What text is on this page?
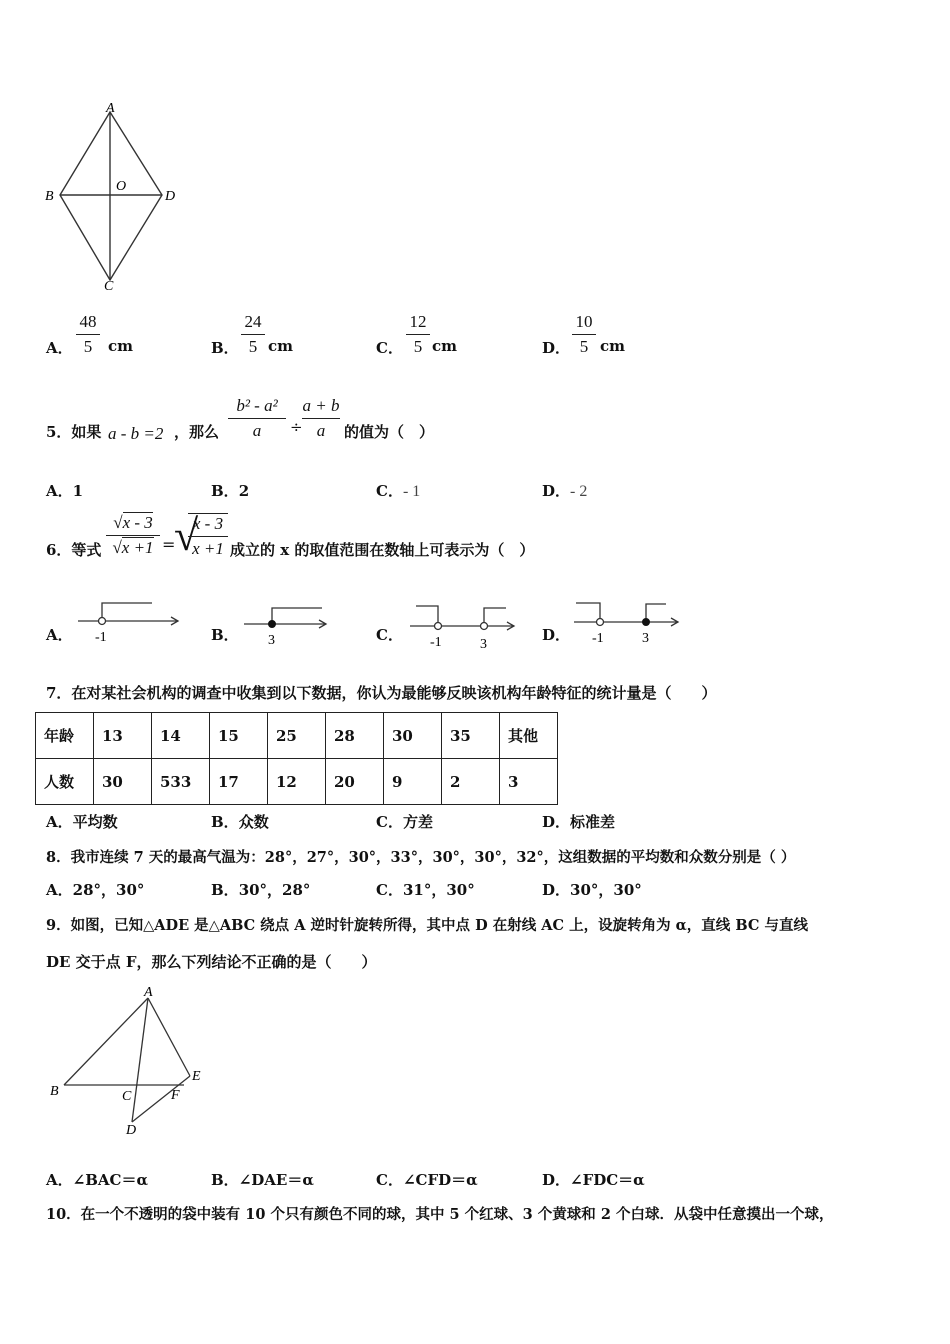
A
B
O
D
C
A．
48
5	cm	B．
24
5 cm	C．
12
5 cm	D．
10
5 cm
5．如果 a - b =2 ，那么
b² - a²
a	÷
a + b
a	的值为（　）
A．1	B．2	C．- 1	D．- 2
6．等式
√x - 3
√x +1 =
√
x - 3
x +1 成立的 x 的取值范围在数轴上可表示为（　）
A． -1	B． 3	C． -1	3
D． -1	3
7．在对某社会机构的调查中收集到以下数据，你认为最能够反映该机构年龄特征的统计量是（　　）
年龄	13	14	15	25	28	30	35	其他
人数	30	533	17	12	20	9	2	3
A．平均数	B．众数	C．方差	D．标准差
8．我市连续 7 天的最高气温为：28°，27°，30°，33°，30°，30°，32°，这组数据的平均数和众数分别是（ ）
A．28°，30°	B．30°，28°	C．31°，30°	D．30°，30°
9．如图，已知△ADE 是△ABC 绕点 A 逆时针旋转所得，其中点 D 在射线 AC 上，设旋转角为 α，直线 BC 与直线
DE 交于点 F，那么下列结论不正确的是（　　）
A
B	C	F
E
D
A．∠BAC＝α	B．∠DAE＝α	C．∠CFD＝α	D．∠FDC＝α
10．在一个不透明的袋中装有 10 个只有颜色不同的球，其中 5 个红球、3 个黄球和 2 个白球．从袋中任意摸出一个球，
